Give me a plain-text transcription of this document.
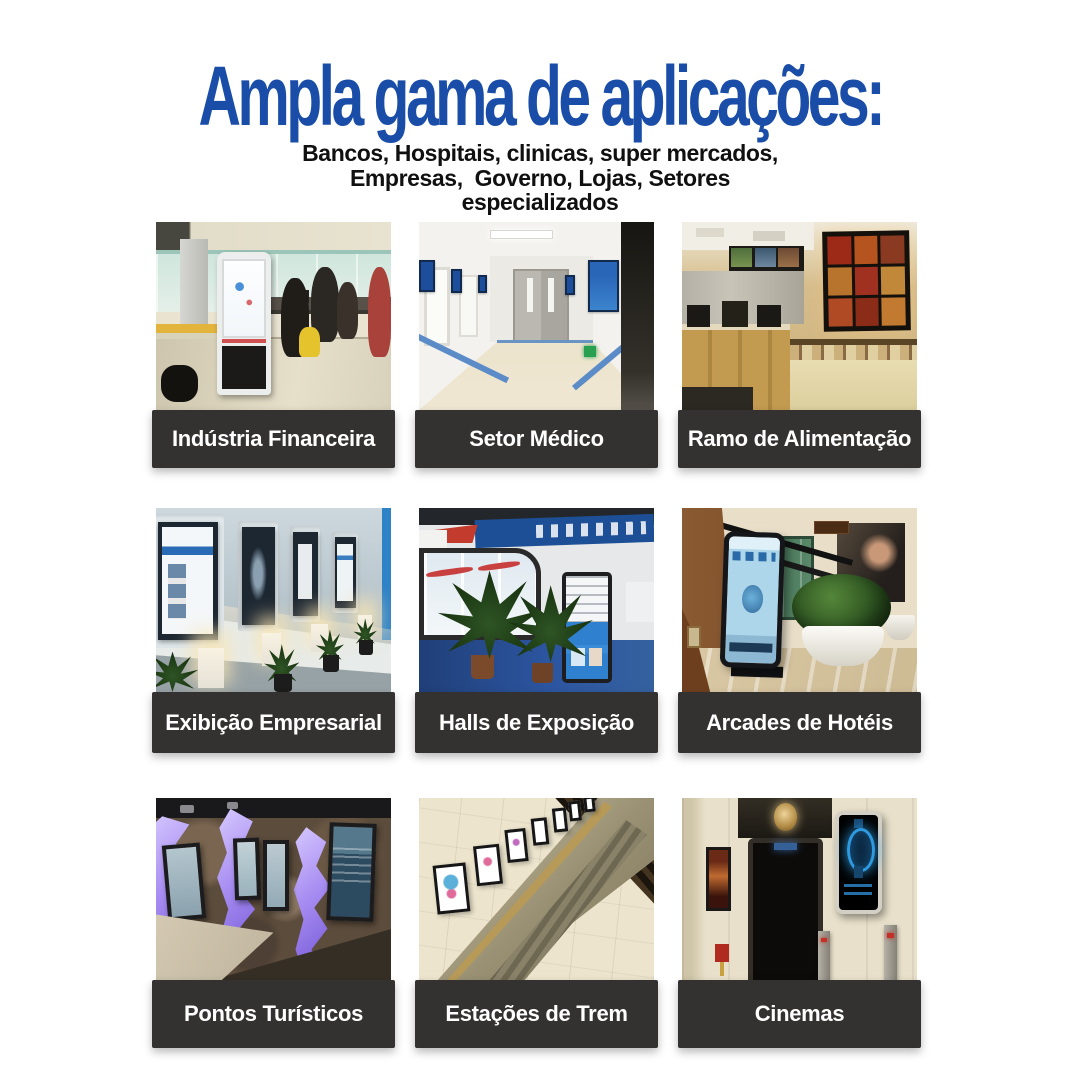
Ampla gama de aplicações:
Bancos, Hospitais, clinicas, super mercados,
Empresas,  Governo, Lojas, Setores
especializados
Indústria Financeira	Setor Médico	Ramo de Alimentação
Exibição Empresarial	Halls de Exposição	Arcades de Hotéis
Pontos Turísticos	Estações de Trem	Cinemas
